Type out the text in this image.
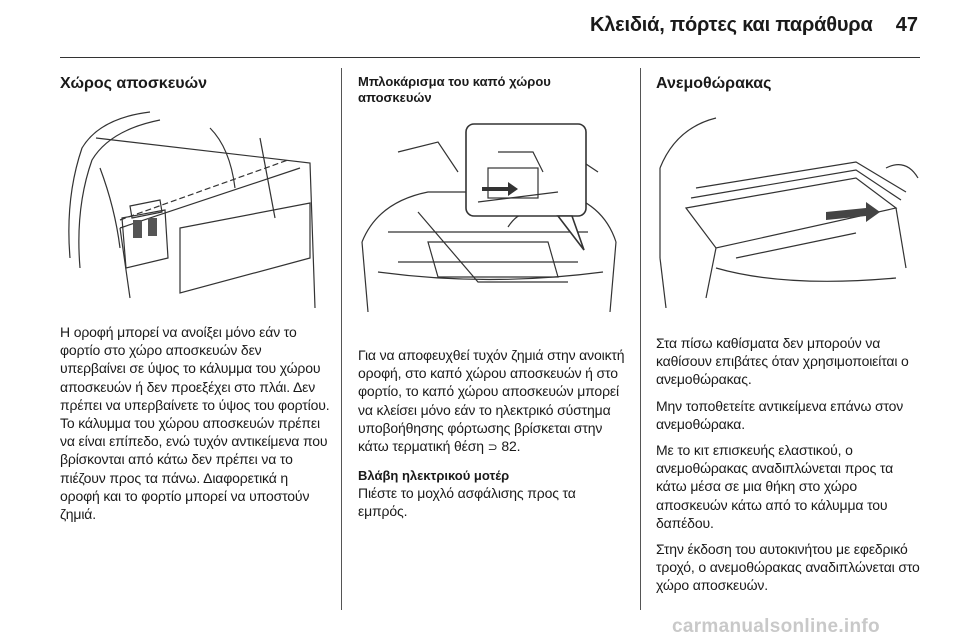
Κλειδιά, πόρτες και παράθυρα 47
Χώρος αποσκευών

Η οροφή μπορεί να ανοίξει μόνο εάν το φορτίο στο χώρο αποσκευών δεν υπερβαίνει σε ύψος το κάλυμμα του χώρου αποσκευών ή δεν προεξέχει στο πλάι. Δεν πρέπει να υπερβαίνετε το ύψος του φορτίου. Το κάλυμμα του χώρου αποσκευών πρέπει να είναι επίπεδο, ενώ τυχόν αντικείμενα που βρίσκονται από κάτω δεν πρέπει να το πιέζουν προς τα πάνω. Διαφορετικά η οροφή και το φορτίο μπορεί να υποστούν ζημιά.

Μπλοκάρισμα του καπό χώρου αποσκευών

Για να αποφευχθεί τυχόν ζημιά στην ανοικτή οροφή, στο καπό χώρου αποσκευών ή στο φορτίο, το καπό χώρου αποσκευών μπορεί να κλείσει μόνο εάν το ηλεκτρικό σύστημα υποβοήθησης φόρτωσης βρίσκεται στην κάτω τερματική θέση ⊃ 82.

Βλάβη ηλεκτρικού μοτέρ

Πιέστε το μοχλό ασφάλισης προς τα εμπρός.

Ανεμοθώρακας

Στα πίσω καθίσματα δεν μπορούν να καθίσουν επιβάτες όταν χρησιμοποιείται ο ανεμοθώρακας.

Μην τοποθετείτε αντικείμενα επάνω στον ανεμοθώρακα.

Με το κιτ επισκευής ελαστικού, ο ανεμοθώρακας αναδιπλώνεται προς τα κάτω μέσα σε μια θήκη στο χώρο αποσκευών κάτω από το κάλυμμα του δαπέδου.

Στην έκδοση του αυτοκινήτου με εφεδρικό τροχό, ο ανεμοθώρακας αναδιπλώνεται στο χώρο αποσκευών.

carmanualsonline.info
